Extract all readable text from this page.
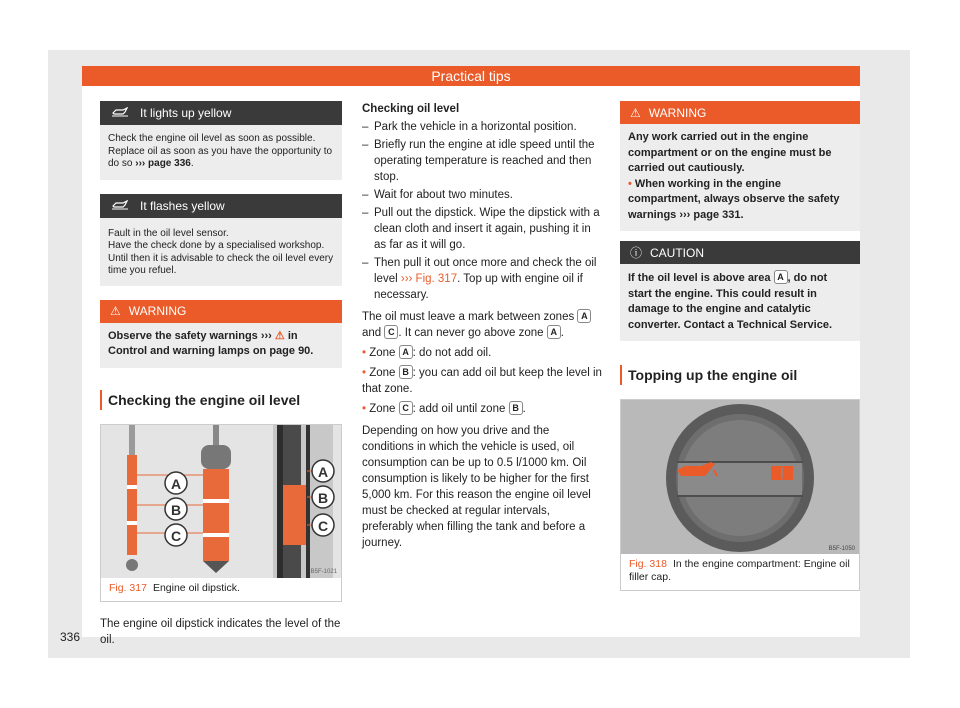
Practical tips
It lights up yellow
Check the engine oil level as soon as possible. Replace oil as soon as you have the opportunity to do so ››› page 336.
It flashes yellow
Fault in the oil level sensor.
Have the check done by a specialised workshop. Until then it is advisable to check the oil level every time you refuel.
⚠ WARNING
Observe the safety warnings ››› ⚠ in Control and warning lamps on page 90.
Checking the engine oil level
A
B
C
A
B
C
B5F-1021
Fig. 317 Engine oil dipstick.
The engine oil dipstick indicates the level of the oil.
Checking oil level
– Park the vehicle in a horizontal position.
– Briefly run the engine at idle speed until the operating temperature is reached and then stop.
– Wait for about two minutes.
– Pull out the dipstick. Wipe the dipstick with a clean cloth and insert it again, pushing it in as far as it will go.
– Then pull it out once more and check the oil level ››› Fig. 317. Top up with engine oil if necessary.
The oil must leave a mark between zones A and C . It can never go above zone A .
• Zone A : do not add oil.
• Zone B : you can add oil but keep the level in that zone.
• Zone C : add oil until zone B .
Depending on how you drive and the conditions in which the vehicle is used, oil consumption can be up to 0.5 l/1000 km. Oil consumption is likely to be higher for the first 5,000 km. For this reason the engine oil level must be checked at regular intervals, preferably when filling the tank and before a journey.
⚠ WARNING
Any work carried out in the engine compartment or on the engine must be carried out cautiously.
• When working in the engine compartment, always observe the safety warnings ››› page 331.
ⓘ CAUTION
If the oil level is above area A , do not start the engine. This could result in damage to the engine and catalytic converter. Contact a Technical Service.
Topping up the engine oil
B5F-1050
Fig. 318 In the engine compartment: Engine oil filler cap.
336
